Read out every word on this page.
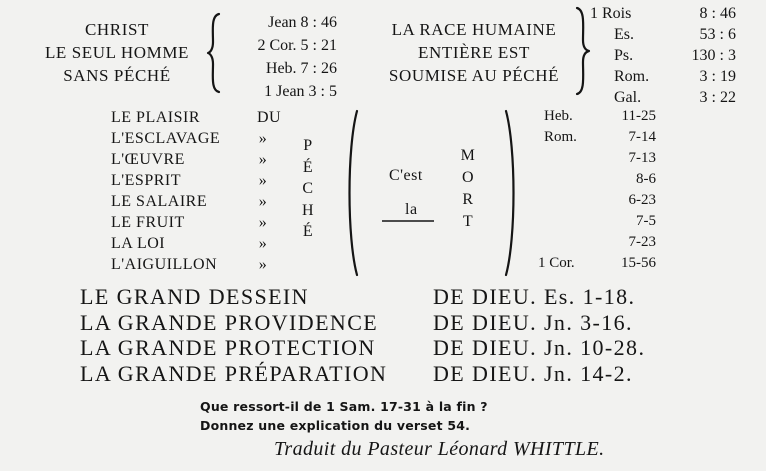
CHRIST
LE SEUL HOMME
SANS PÉCHÉ
Jean 8 : 46
2 Cor. 5 : 21
Heb. 7 : 26
1 Jean 3 : 5
LA RACE HUMAINE
ENTIÈRE EST
SOUMISE AU PÉCHÉ
1 Rois
Es.
Ps.
Rom.
Gal.
8 : 46
53 : 6
130 : 3
3 : 19
3 : 22
LE PLAISIR
L'ESCLAVAGE
L'ŒUVRE
L'ESPRIT
LE SALAIRE
LE FRUIT
LA LOI
L'AIGUILLON
DU
»
»
»
»
»
»
»
P
É
C
H
É
C'est
la
M
O
R
T
Heb.
Rom.
1 Cor.
11-25
7-14
7-13
8-6
6-23
7-5
7-23
15-56
LE GRAND DESSEIN
LA GRANDE PROVIDENCE
LA GRANDE PROTECTION
LA GRANDE PRÉPARATION
DE DIEU. Es. 1-18.
DE DIEU. Jn. 3-16.
DE DIEU. Jn. 10-28.
DE DIEU. Jn. 14-2.
Que ressort-il de 1 Sam. 17-31 à la fin ?
Donnez une explication du verset 54.
Traduit du Pasteur Léonard WHITTLE.
